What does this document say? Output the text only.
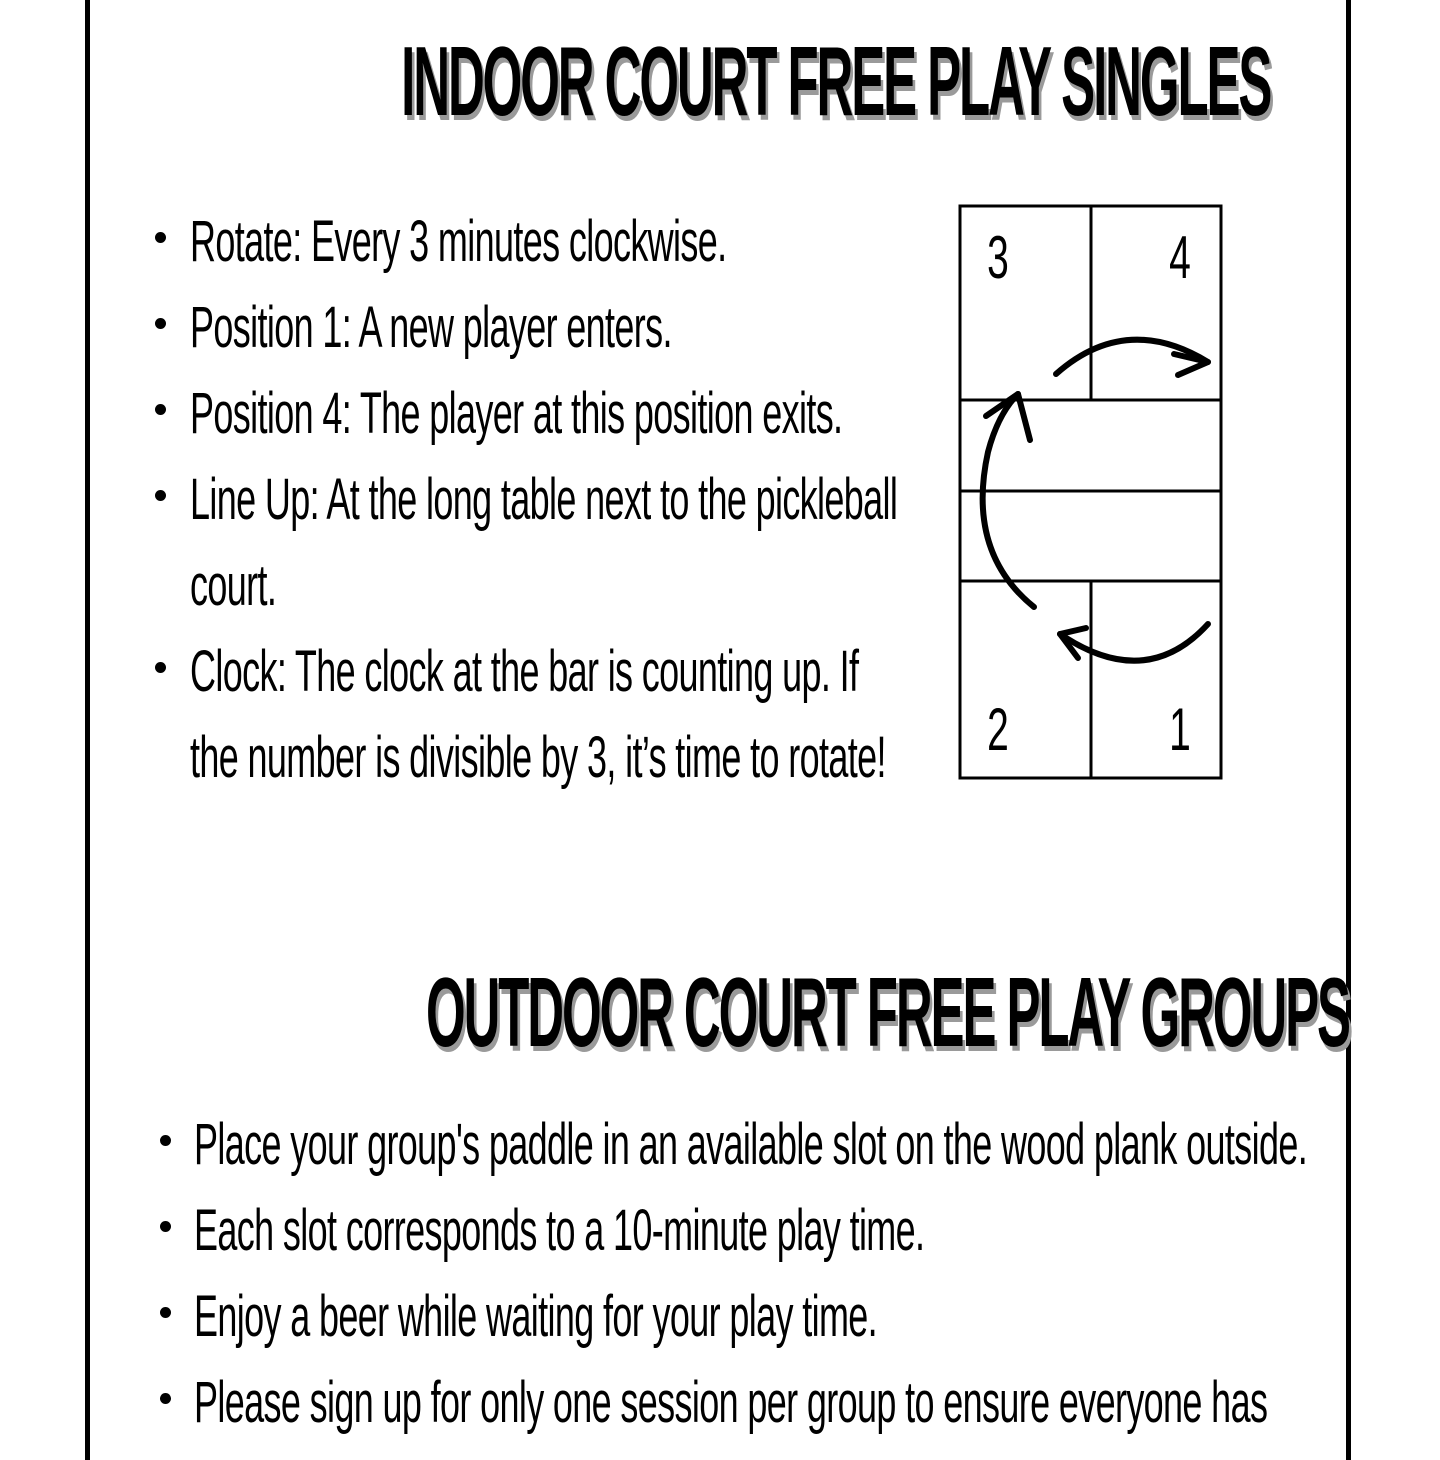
INDOOR COURT FREE PLAY SINGLES
Rotate: Every 3 minutes clockwise.
Position 1: A new player enters.
Position 4: The player at this position exits.
Line Up: At the long table next to the pickleball court.
Clock: The clock at the bar is counting up. If the number is divisible by 3, it’s time to rotate!
3	4
2	1
OUTDOOR COURT FREE PLAY GROUPS
Place your group's paddle in an available slot on the wood plank outside.
Each slot corresponds to a 10-minute play time.
Enjoy a beer while waiting for your play time.
Please sign up for only one session per group to ensure everyone has
